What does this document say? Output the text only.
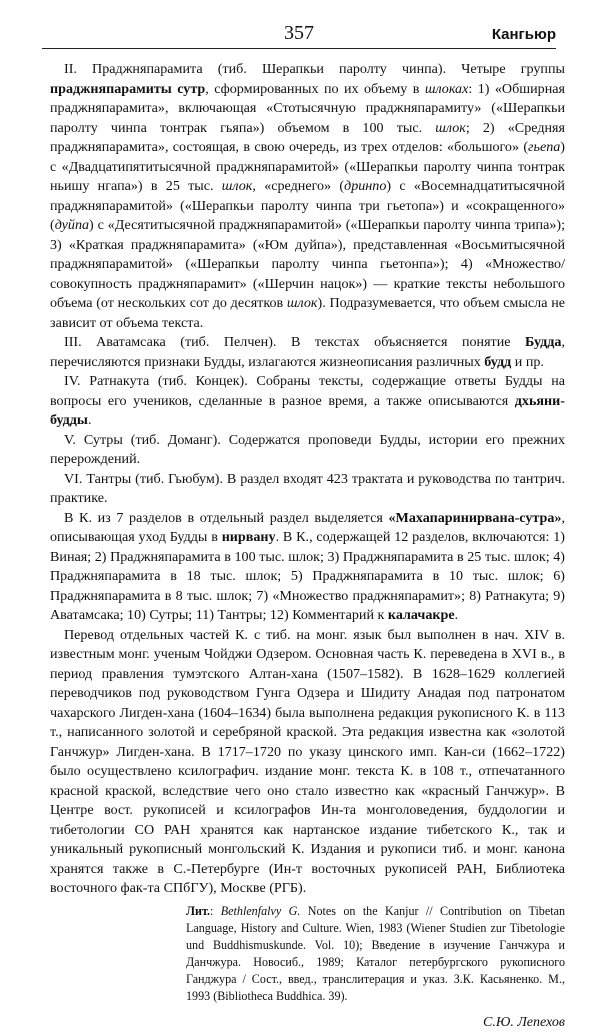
357	Кангьюр

II. Праджняпарамита (тиб. Шерапкьи паролту чинпа). Четыре группы праджняпарамиты сутр, сформированных по их объему в шлоках: 1) «Обширная праджняпарамита», включающая «Стотысячную праджняпарамиту» («Шерапкьи паролту чинпа тонтрак гьяпа») объемом в 100 тыс. шлок; 2) «Средняя праджняпарамита», состоящая, в свою очередь, из трех отделов: «большого» (гьепа) с «Двадцатипятитысячной праджняпарамитой» («Шерапкьи паролту чинпа тонтрак ньишу нгапа») в 25 тыс. шлок, «среднего» (дринпо) с «Восемнадцатитысячной праджняпарамитой» («Шерапкьи паролту чинпа три гьетопа») и «сокращенного» (дуйпа) с «Десятитысячной праджняпарамитой» («Шерапкьи паролту чинпа трипа»); 3) «Краткая праджняпарамита» («Юм дуйпа»), представленная «Восьмитысячной праджняпарамитой» («Шерапкьи паролту чинпа гьетонпа»); 4) «Множество/совокупность праджняпарамит» («Шерчин нацок») — краткие тексты небольшого объема (от нескольких сот до десятков шлок). Подразумевается, что объем смысла не зависит от объема текста.

III. Аватамсака (тиб. Пелчен). В текстах объясняется понятие Будда, перечисляются признаки Будды, излагаются жизнеописания различных будд и пр.

IV. Ратнакута (тиб. Концек). Собраны тексты, содержащие ответы Будды на вопросы его учеников, сделанные в разное время, а также описываются дхьяни-будды.

V. Сутры (тиб. Доманг). Содержатся проповеди Будды, истории его прежних перерождений.

VI. Тантры (тиб. Гьюбум). В раздел входят 423 трактата и руководства по тантрич. практике.

В К. из 7 разделов в отдельный раздел выделяется «Махапаринирвана-сутра», описывающая уход Будды в нирвану. В К., содержащей 12 разделов, включаются: 1) Виная; 2) Праджняпарамита в 100 тыс. шлок; 3) Праджняпарамита в 25 тыс. шлок; 4) Праджняпарамита в 18 тыс. шлок; 5) Праджняпарамита в 10 тыс. шлок; 6) Праджняпарамита в 8 тыс. шлок; 7) «Множество праджняпарамит»; 8) Ратнакута; 9) Аватамсака; 10) Сутры; 11) Тантры; 12) Комментарий к калачакре.

Перевод отдельных частей К. с тиб. на монг. язык был выполнен в нач. XIV в. известным монг. ученым Чойджи Одзером. Основная часть К. переведена в XVI в., в период правления тумэтского Алтан-хана (1507–1582). В 1628–1629 коллегией переводчиков под руководством Гунга Одзера и Шидиту Анадая под патронатом чахарского Лигден-хана (1604–1634) была выполнена редакция рукописного К. в 113 т., написанного золотой и серебряной краской. Эта редакция известна как «золотой Ганчжур» Лигден-хана. В 1717–1720 по указу цинского имп. Кан-си (1662–1722) было осуществлено ксилографич. издание монг. текста К. в 108 т., отпечатанного красной краской, вследствие чего оно стало известно как «красный Ганчжур». В Центре вост. рукописей и ксилографов Ин-та монголоведения, буддологии и тибетологии СО РАН хранятся как нартанское издание тибетского К., так и уникальный рукописный монгольский К. Издания и рукописи тиб. и монг. канона хранятся также в С.-Петербурге (Ин-т восточных рукописей РАН, Библиотека восточного фак-та СПбГУ), Москве (РГБ).

Лит.: Bethlenfalvy G. Notes on the Kanjur // Contribution on Tibetan Language, History and Culture. Wien, 1983 (Wiener Studien zur Tibetologie und Buddhismuskunde. Vol. 10); Введение в изучение Ганчжура и Данчжура. Новосиб., 1989; Каталог петербургского рукописного Ганджура / Сост., введ., транслитерация и указ. З.К. Касьяненко. М., 1993 (Bibliotheca Buddhica. 39).
С.Ю. Лепехов
